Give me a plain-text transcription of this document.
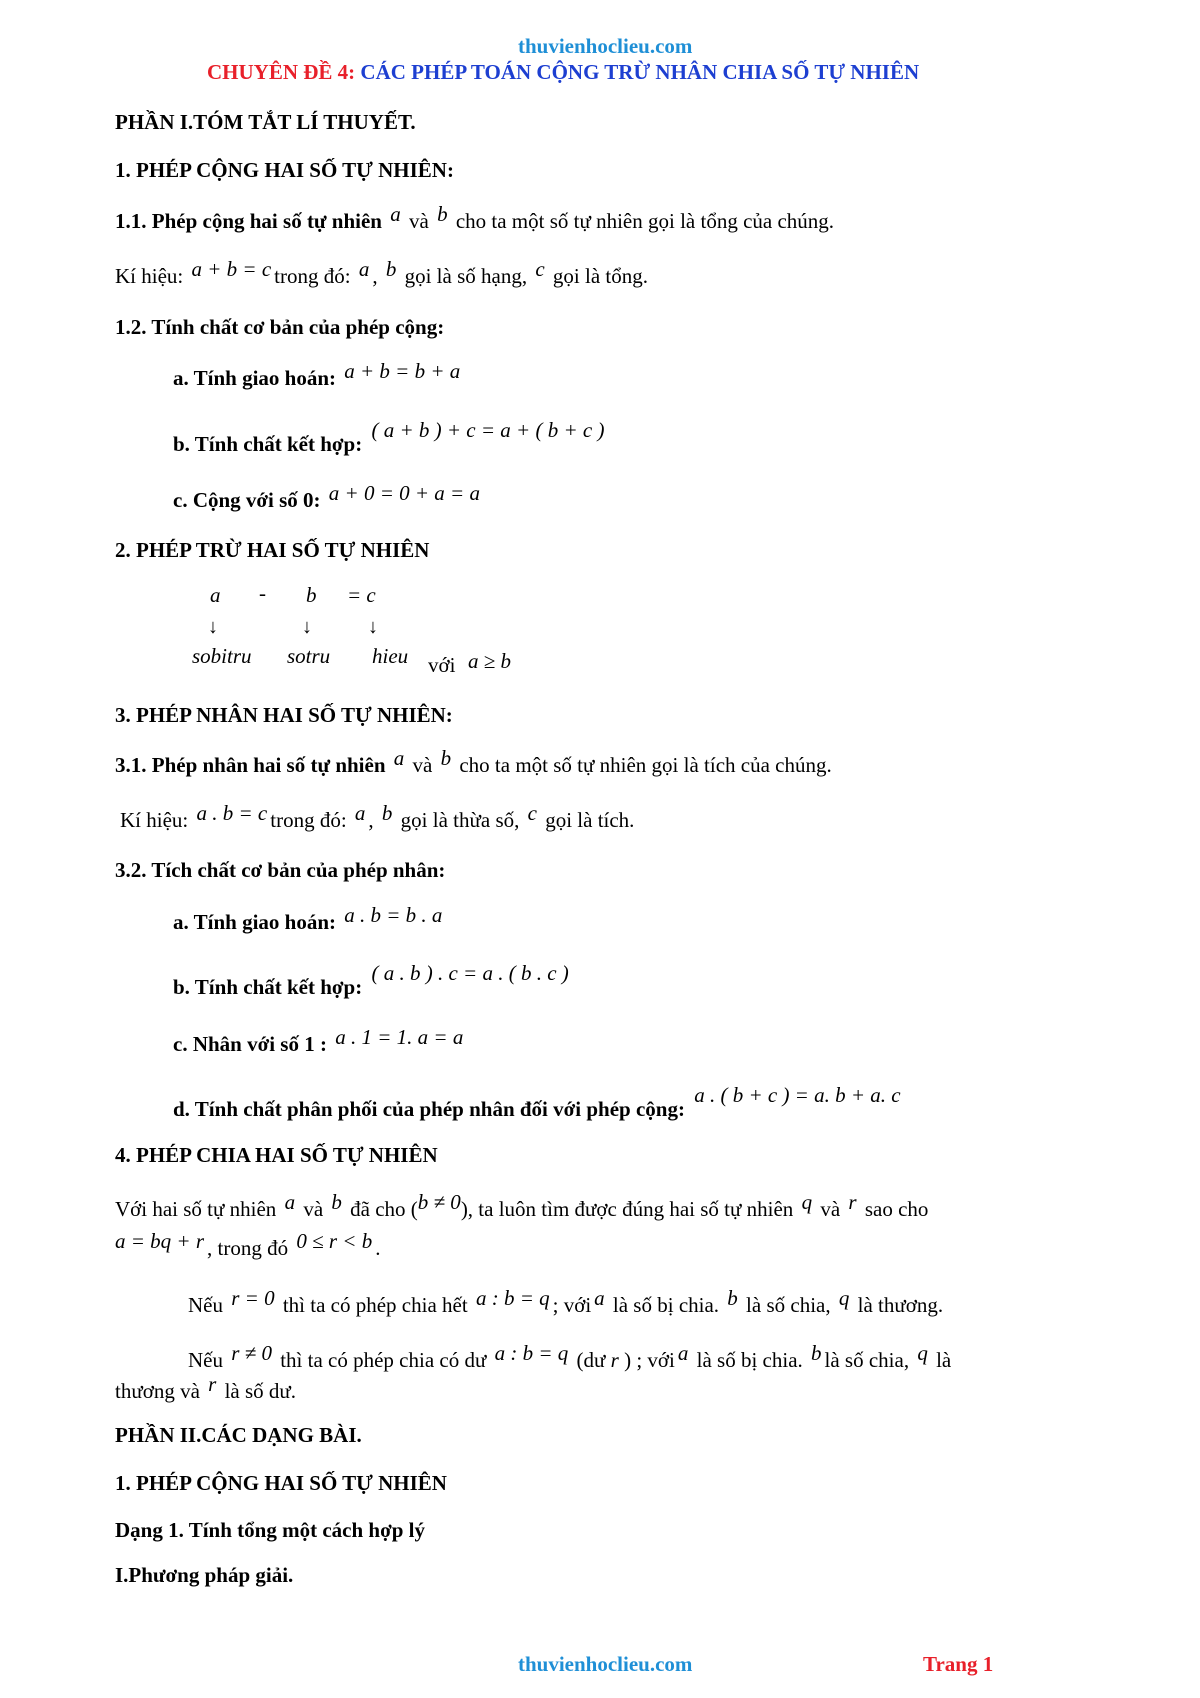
thuvienhoclieu.com
CHUYÊN ĐỀ 4: CÁC PHÉP TOÁN CỘNG TRỪ NHÂN CHIA SỐ TỰ NHIÊN
PHẦN I.TÓM TẮT LÍ THUYẾT.
1. PHÉP CỘNG HAI SỐ TỰ NHIÊN:
1.1. Phép cộng hai số tự nhiên a và b cho ta một số tự nhiên gọi là tổng của chúng.
Kí hiệu: a + b = c trong đó: a , b gọi là số hạng, c gọi là tổng.
1.2. Tính chất cơ bản của phép cộng:
a. Tính giao hoán: a + b = b + a
b. Tính chất kết hợp: ( a + b ) + c = a + ( b + c )
c. Cộng với số 0: a + 0 = 0 + a = a
2. PHÉP TRỪ HAI SỐ TỰ NHIÊN
a - b = c
↓	↓	↓
sobitru sotru hieu với a ≥ b
3. PHÉP NHÂN HAI SỐ TỰ NHIÊN:
3.1. Phép nhân hai số tự nhiên a và b cho ta một số tự nhiên gọi là tích của chúng.
Kí hiệu: a . b = c trong đó: a , b gọi là thừa số, c gọi là tích.
3.2. Tích chất cơ bản của phép nhân:
a. Tính giao hoán: a . b = b . a
b. Tính chất kết hợp: ( a . b ) . c = a . ( b . c )
c. Nhân với số 1 : a . 1 = 1. a = a
d. Tính chất phân phối của phép nhân đối với phép cộng: a . ( b + c ) = a. b + a. c
4. PHÉP CHIA HAI SỐ TỰ NHIÊN
Với hai số tự nhiên a và b đã cho (b ≠ 0), ta luôn tìm được đúng hai số tự nhiên q và r sao cho
a = bq + r , trong đó 0 ≤ r < b .
Nếu r = 0 thì ta có phép chia hết a : b = q ; với a là số bị chia. b là số chia, q là thương.
Nếu r ≠ 0 thì ta có phép chia có dư a : b = q (dư r ) ; với a là số bị chia. b là số chia, q là
thương và r là số dư.
PHẦN II.CÁC DẠNG BÀI.
1. PHÉP CỘNG HAI SỐ TỰ NHIÊN
Dạng 1. Tính tổng một cách hợp lý
I.Phương pháp giải.
thuvienhoclieu.com	Trang 1
